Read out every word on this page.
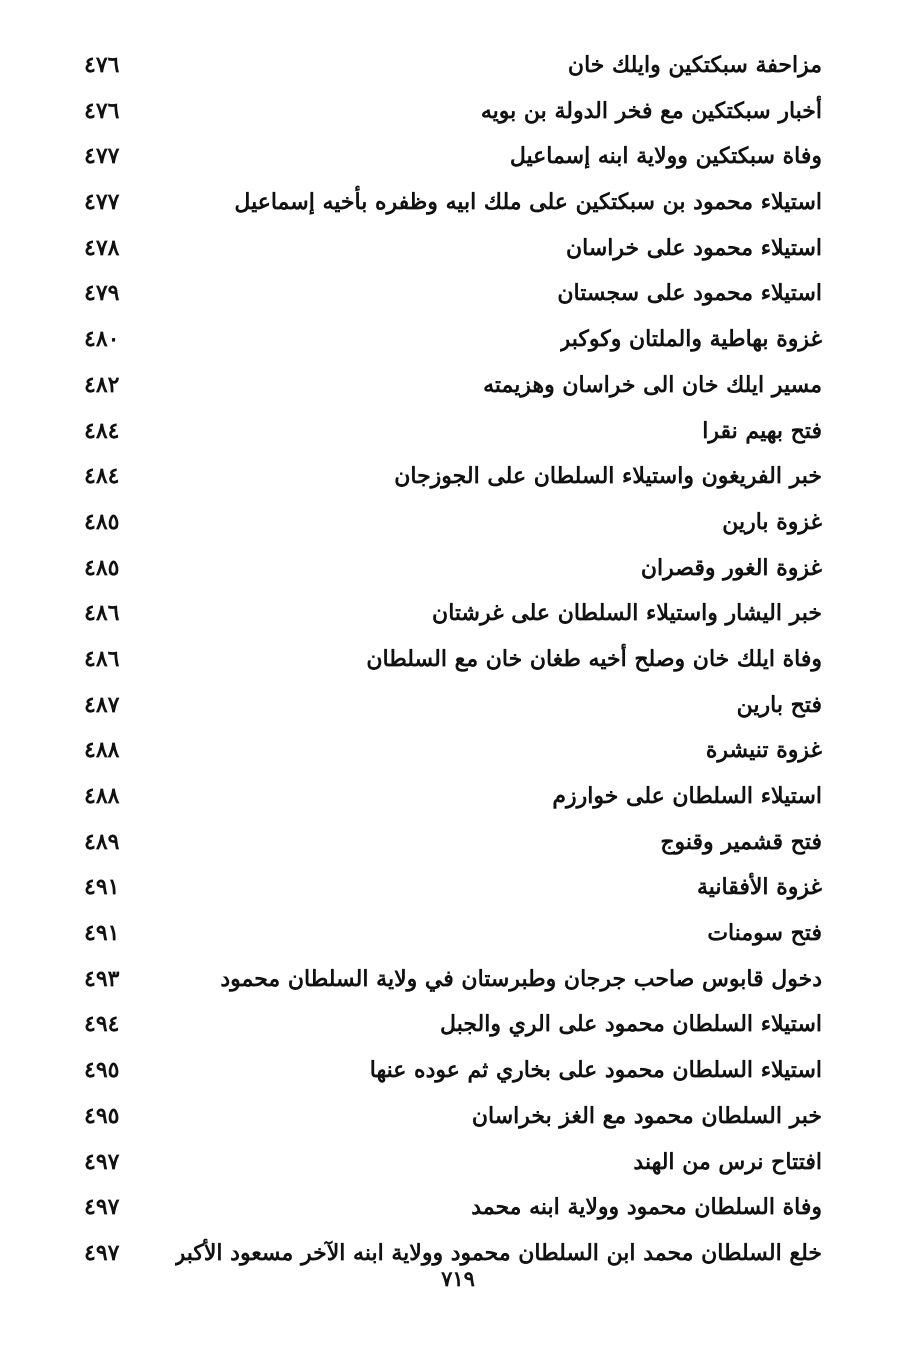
مزاحفة سبكتكين وايلك خان
٤٧٦
أخبار سبكتكين مع فخر الدولة بن بويه
٤٧٦
وفاة سبكتكين وولاية ابنه إسماعيل
٤٧٧
استيلاء محمود بن سبكتكين على ملك ابيه وظفره بأخيه إسماعيل
٤٧٧
استيلاء محمود على خراسان
٤٧٨
استيلاء محمود على سجستان
٤٧٩
غزوة بهاطية والملتان وكوكبر
٤٨٠
مسير ايلك خان الى خراسان وهزيمته
٤٨٢
فتح بهيم نقرا
٤٨٤
خبر الفريغون واستيلاء السلطان على الجوزجان
٤٨٤
غزوة بارين
٤٨٥
غزوة الغور وقصران
٤٨٥
خبر اليشار واستيلاء السلطان على غرشتان
٤٨٦
وفاة ايلك خان وصلح أخيه طغان خان مع السلطان
٤٨٦
فتح بارين
٤٨٧
غزوة تنيشرة
٤٨٨
استيلاء السلطان على خوارزم
٤٨٨
فتح قشمير وقنوج
٤٨٩
غزوة الأفقانية
٤٩١
فتح سومنات
٤٩١
دخول قابوس صاحب جرجان وطبرستان في ولاية السلطان محمود
٤٩٣
استيلاء السلطان محمود على الري والجبل
٤٩٤
استيلاء السلطان محمود على بخاري ثم عوده عنها
٤٩٥
خبر السلطان محمود مع الغز بخراسان
٤٩٥
افتتاح نرس من الهند
٤٩٧
وفاة السلطان محمود وولاية ابنه محمد
٤٩٧
خلع السلطان محمد ابن السلطان محمود وولاية ابنه الآخر مسعود الأكبر
٤٩٧
٧١٩
